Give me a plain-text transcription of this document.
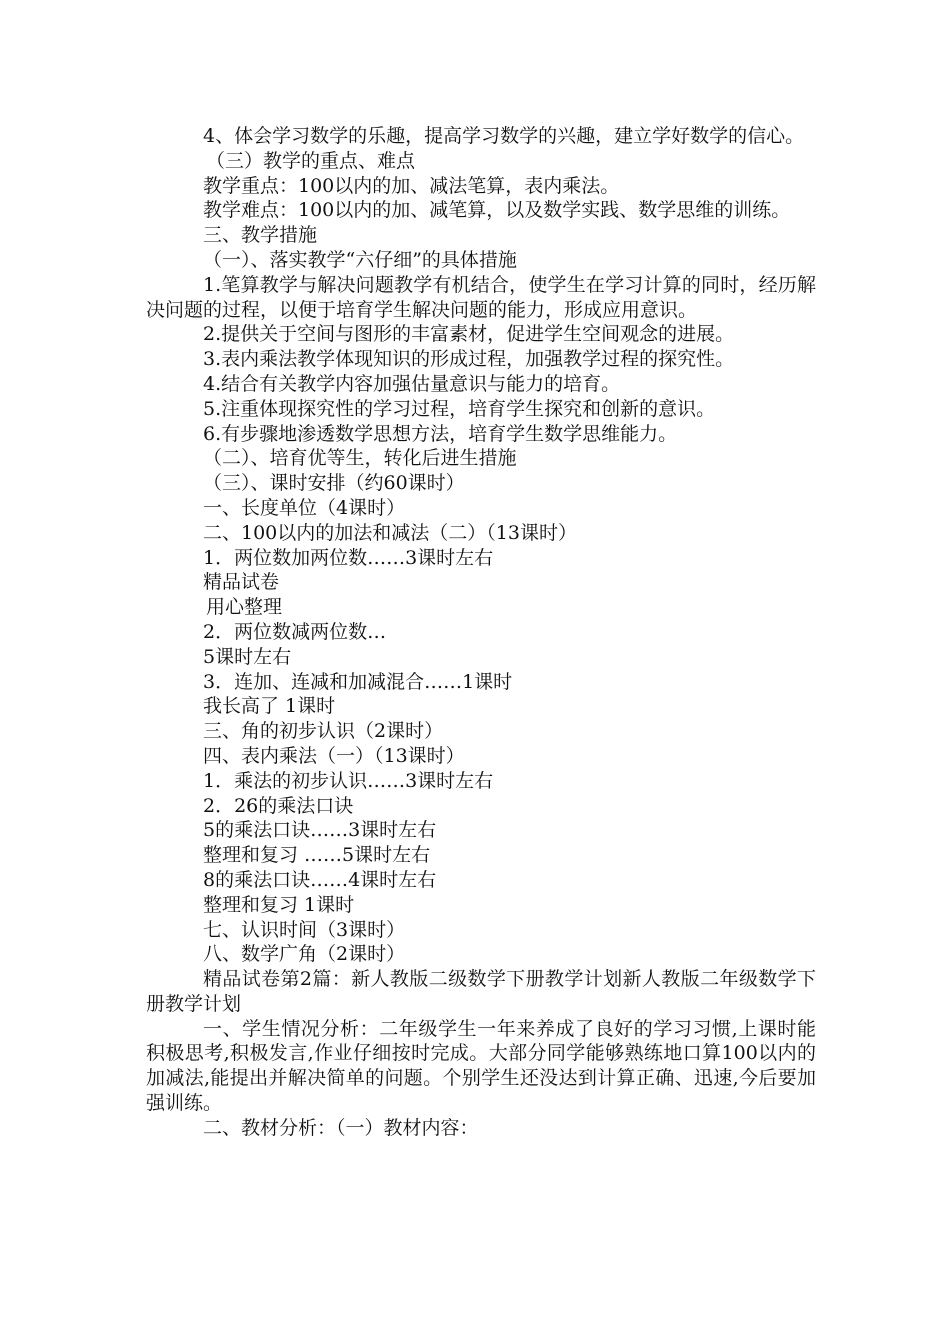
4、体会学习数学的乐趣，提高学习数学的兴趣，建立学好数学的信心。
（三）教学的重点、难点
教学重点：100以内的加、减法笔算，表内乘法。
教学难点：100以内的加、减笔算，以及数学实践、数学思维的训练。
三、教学措施
（一）、落实教学“六仔细”的具体措施
1.笔算教学与解决问题教学有机结合，使学生在学习计算的同时，经历解决问题的过程，以便于培育学生解决问题的能力，形成应用意识。
2.提供关于空间与图形的丰富素材，促进学生空间观念的进展。
3.表内乘法教学体现知识的形成过程，加强教学过程的探究性。
4.结合有关教学内容加强估量意识与能力的培育。
5.注重体现探究性的学习过程，培育学生探究和创新的意识。
6.有步骤地渗透数学思想方法，培育学生数学思维能力。
（二）、培育优等生，转化后进生措施
（三）、课时安排（约60课时）
一、长度单位（4课时）
二、100以内的加法和减法（二）（13课时）
1．两位数加两位数……3课时左右
精品试卷
用心整理
2．两位数减两位数…
5课时左右
3．连加、连减和加减混合……1课时
我长高了 1课时
三、角的初步认识（2课时）
四、表内乘法（一）（13课时）
1．乘法的初步认识……3课时左右
2．26的乘法口诀
5的乘法口诀……3课时左右
整理和复习 ……5课时左右
8的乘法口诀……4课时左右
整理和复习 1课时
七、认识时间（3课时）
八、数学广角（2课时）
精品试卷第2篇：新人教版二级数学下册教学计划新人教版二年级数学下册教学计划
一、学生情况分析：二年级学生一年来养成了良好的学习习惯,上课时能积极思考,积极发言,作业仔细按时完成。大部分同学能够熟练地口算100以内的加减法,能提出并解决简单的问题。个别学生还没达到计算正确、迅速,今后要加强训练。
二、教材分析：（一）教材内容：
